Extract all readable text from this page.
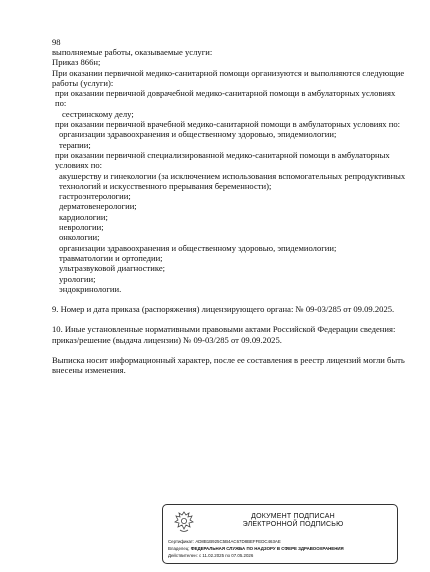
98

выполняемые работы, оказываемые услуги:

Приказ 866н;

При оказании первичной медико-санитарной помощи организуются и выполняются следующие работы (услуги):

при оказании первичной доврачебной медико-санитарной помощи в амбулаторных условиях по:

сестринскому делу;

при оказании первичной врачебной медико-санитарной помощи в амбулаторных условиях по:

организации здравоохранения и общественному здоровью, эпидемиологии;

терапии;

при оказании первичной специализированной медико-санитарной помощи в амбулаторных условиях по:

акушерству и гинекологии (за исключением использования вспомогательных репродуктивных технологий и искусственного прерывания беременности);

гастроэнтерологии;

дерматовенерологии;

кардиологии;

неврологии;

онкологии;

организации здравоохранения и общественному здоровью, эпидемиологии;

травматологии и ортопедии;

ультразвуковой диагностике;

урологии;

эндокринологии.

9. Номер и дата приказа (распоряжения) лицензирующего органа: № 09-03/285 от 09.09.2025.

10. Иные установленные нормативными правовыми актами Российской Федерации сведения: приказ/решение (выдача лицензии) № 09-03/285 от 09.09.2025.

Выписка носит информационный характер, после ее составления в реестр лицензий могли быть внесены изменения.

ДОКУМЕНТ ПОДПИСАН
ЭЛЕКТРОННОЙ ПОДПИСЬЮ

Сертификат: AD8B1B925C5B4AC67D8BEFFEDC463AE

Владелец: ФЕДЕРАЛЬНАЯ СЛУЖБА ПО НАДЗОРУ В СФЕРЕ ЗДРАВООХРАНЕНИЯ

Действителен: с 11.02.2025 по 07.05.2026
